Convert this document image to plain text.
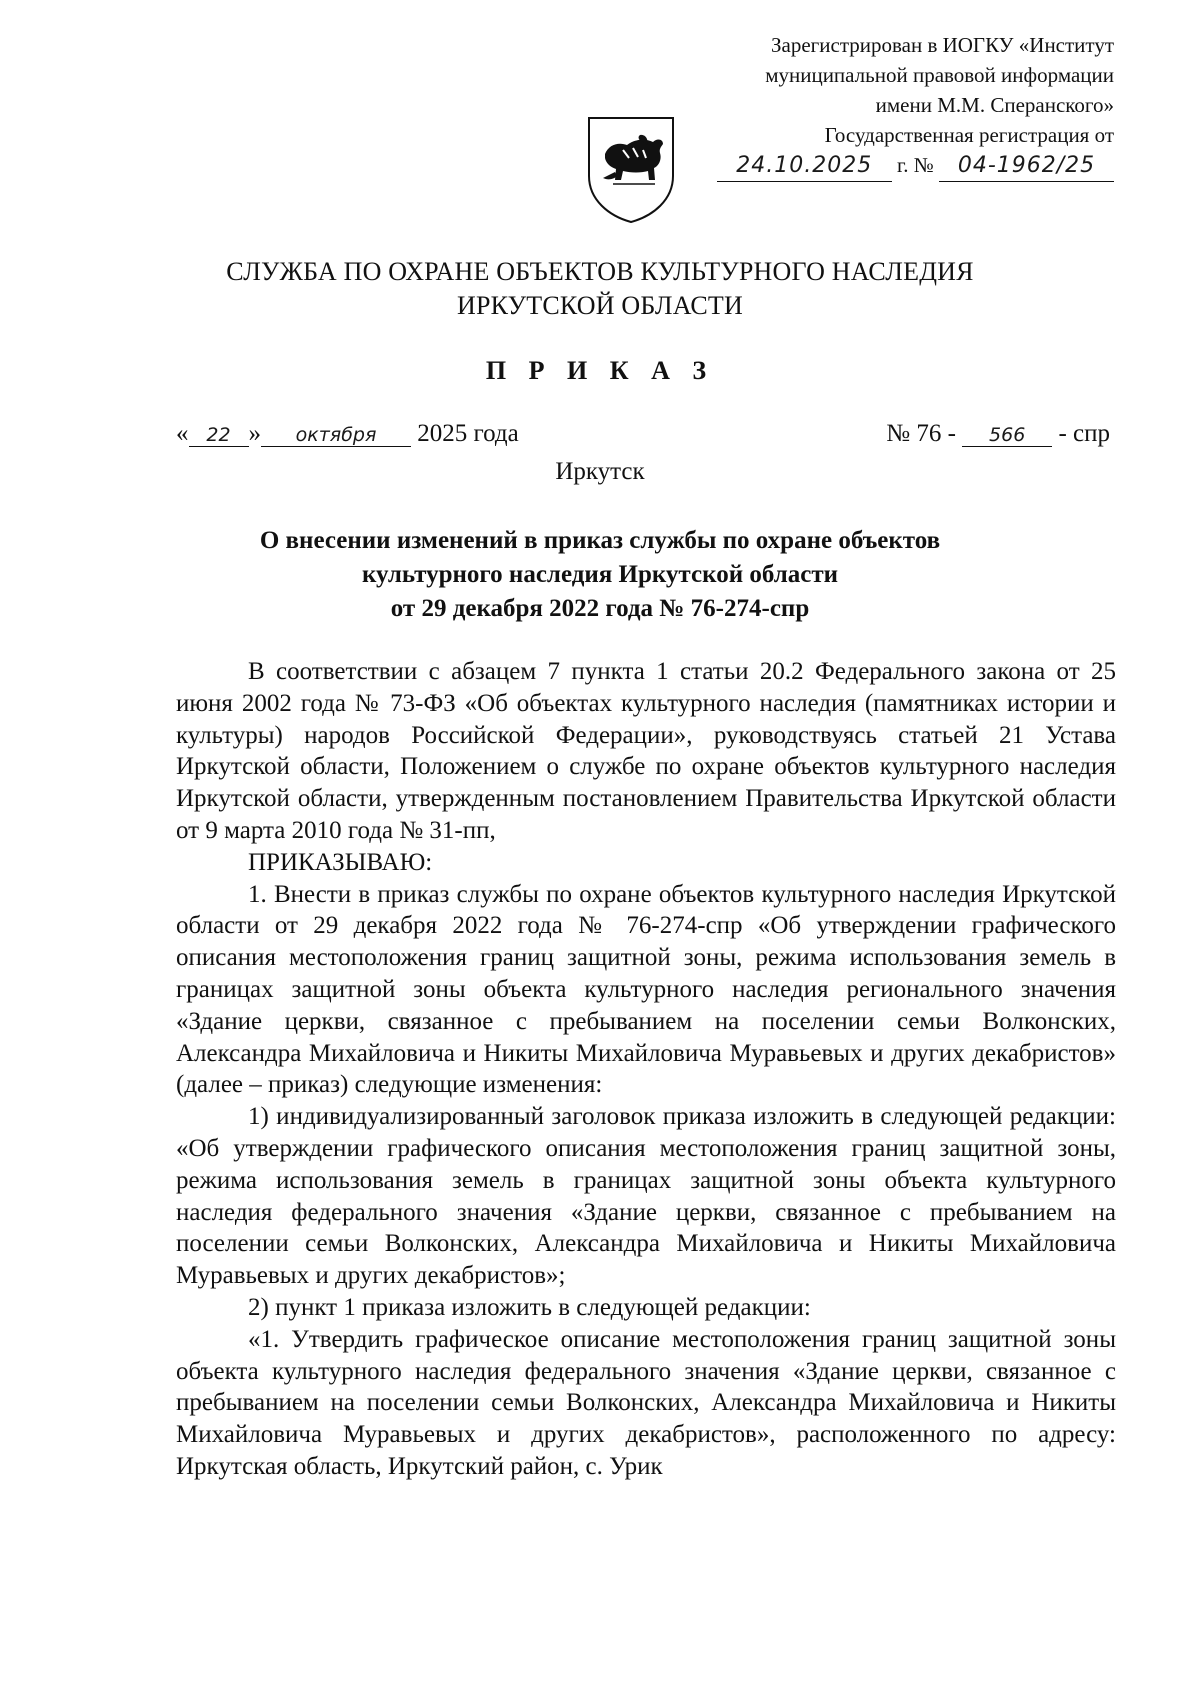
Зарегистрирован в ИОГКУ «Институт
муниципальной правовой информации
имени М.М. Сперанского»
Государственная регистрация от
24.10.2025 г. № 04-1962/25
СЛУЖБА ПО ОХРАНЕ ОБЪЕКТОВ КУЛЬТУРНОГО НАСЛЕДИЯ
ИРКУТСКОЙ ОБЛАСТИ
П Р И К А З
« 22 » октября 2025 года	№ 76 - 566 - спр
Иркутск
О внесении изменений в приказ службы по охране объектов
культурного наследия Иркутской области
от 29 декабря 2022 года № 76-274-спр

В соответствии с абзацем 7 пункта 1 статьи 20.2 Федерального закона от 25 июня 2002 года № 73-ФЗ «Об объектах культурного наследия (памятниках истории и культуры) народов Российской Федерации», руководствуясь статьей 21 Устава Иркутской области, Положением о службе по охране объектов культурного наследия Иркутской области, утвержденным постановлением Правительства Иркутской области от 9 марта 2010 года № 31-пп,

ПРИКАЗЫВАЮ:

1. Внести в приказ службы по охране объектов культурного наследия Иркутской области от 29 декабря 2022 года № 76-274-спр «Об утверждении графического описания местоположения границ защитной зоны, режима использования земель в границах защитной зоны объекта культурного наследия регионального значения «Здание церкви, связанное с пребыванием на поселении семьи Волконских, Александра Михайловича и Никиты Михайловича Муравьевых и других декабристов» (далее – приказ) следующие изменения:

1) индивидуализированный заголовок приказа изложить в следующей редакции: «Об утверждении графического описания местоположения границ защитной зоны, режима использования земель в границах защитной зоны объекта культурного наследия федерального значения «Здание церкви, связанное с пребыванием на поселении семьи Волконских, Александра Михайловича и Никиты Михайловича Муравьевых и других декабристов»;

2) пункт 1 приказа изложить в следующей редакции:

«1. Утвердить графическое описание местоположения границ защитной зоны объекта культурного наследия федерального значения «Здание церкви, связанное с пребыванием на поселении семьи Волконских, Александра Михайловича и Никиты Михайловича Муравьевых и других декабристов», расположенного по адресу: Иркутская область, Иркутский район, с. Урик
